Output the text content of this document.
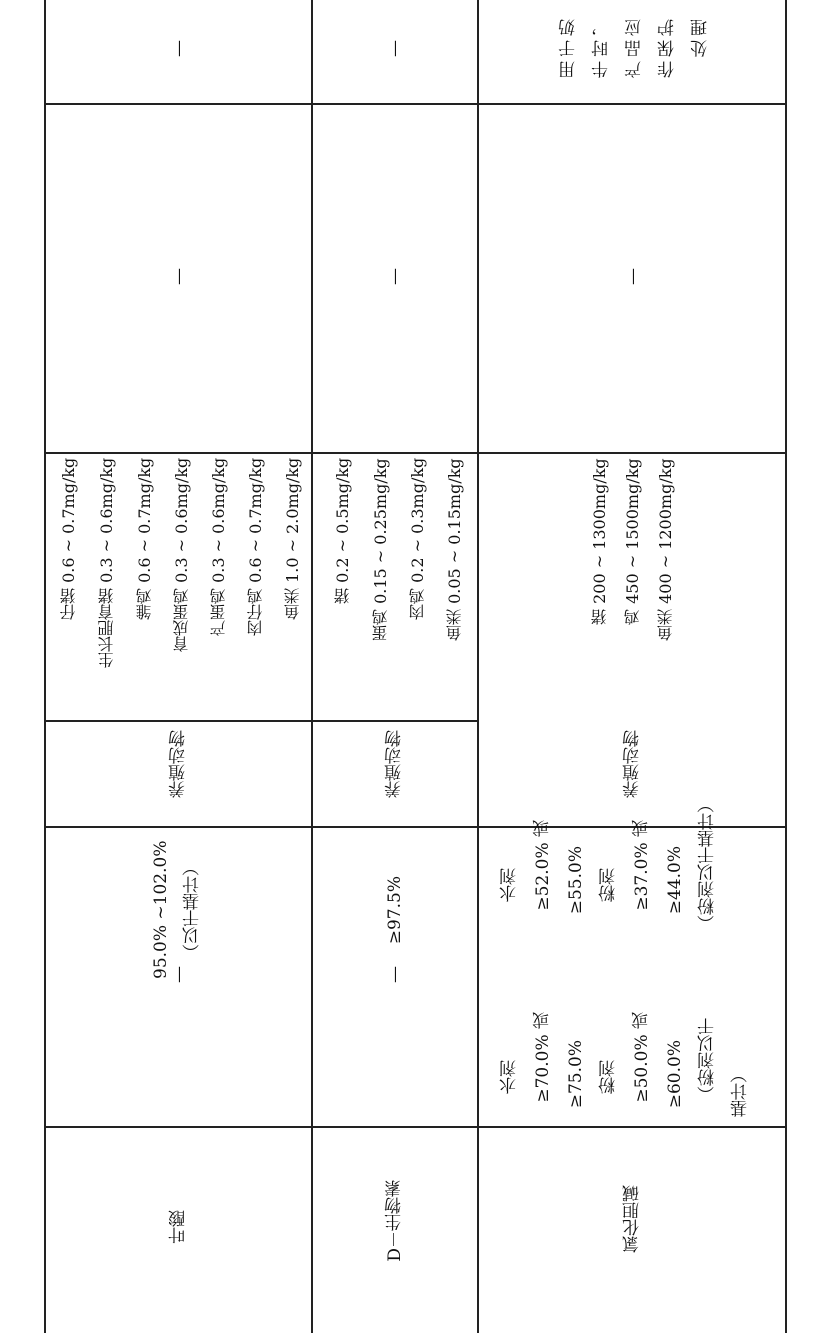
叶酸
—
95.0% ~102.0% （以干基计）
养殖动物
仔猪 0.6 ~ 0.7mg/kg 生长肥育猪 0.3 ~ 0.6mg/kg 雏鸡 0.6 ~ 0.7mg/kg 育成蛋鸡 0.3 ~ 0.6mg/kg 产蛋鸡 0.3 ~ 0.6mg/kg 肉仔鸡 0.6 ~ 0.7mg/kg 鱼类 1.0 ~ 2.0mg/kg
—
—
D－生物素
—
≥97.5%
养殖动物
猪 0.2 ~ 0.5mg/kg 蛋鸡 0.15 ~ 0.25mg/kg 肉鸡 0.2 ~ 0.3mg/kg 鱼类 0.05 ~ 0.15mg/kg
—
—
氯化胆碱
水剂 ≥70.0% 或 ≥75.0% 粉剂 ≥50.0% 或 ≥60.0% （粉剂以干 基计）
水剂 ≥52.0% 或 ≥55.0% 粉剂 ≥37.0% 或 ≥44.0% （粉剂以干基计）
养殖动物
猪 200 ~ 1300mg/kg 鸡 450 ~ 1500mg/kg 鱼类 400 ~ 1200mg/kg
—
用于奶 牛时， 产品应 作保护 处理
